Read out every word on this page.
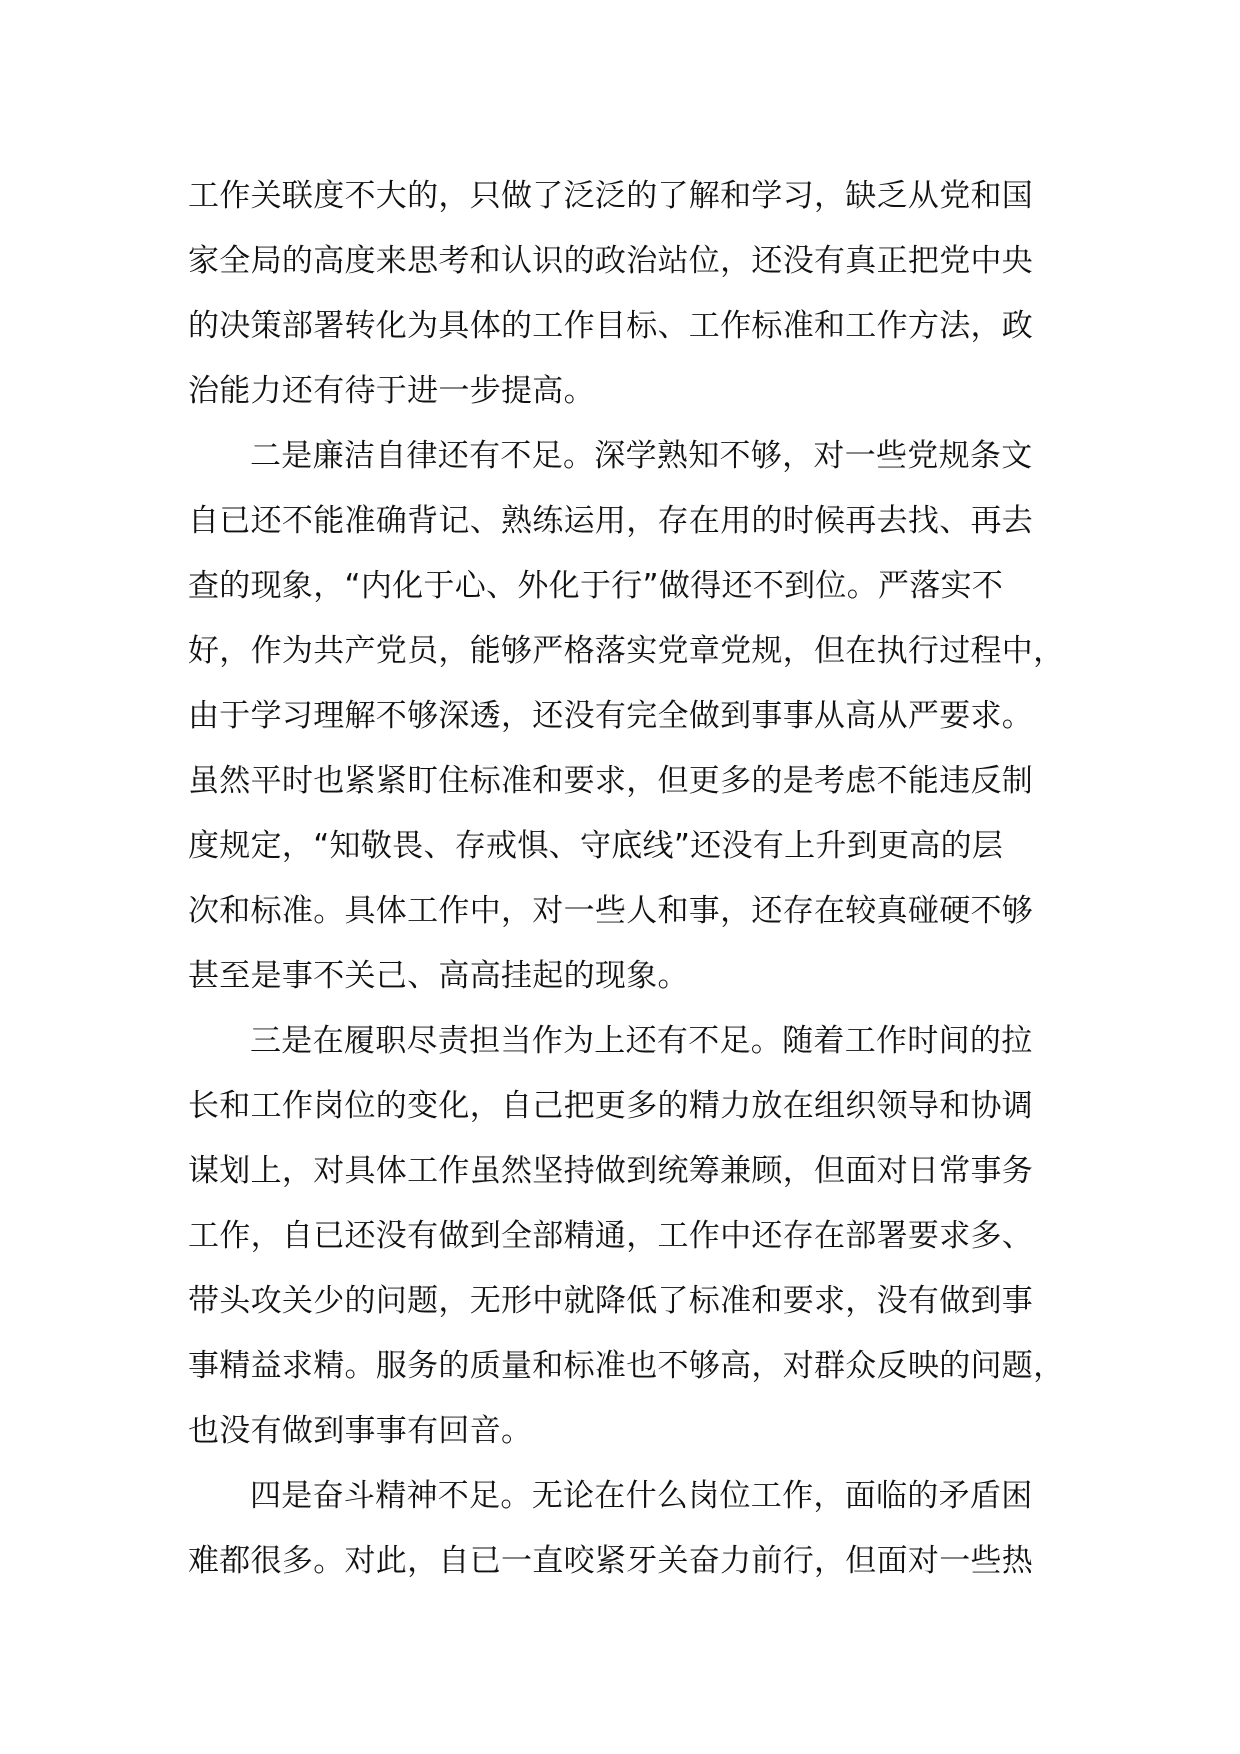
工作关联度不大的，只做了泛泛的了解和学习，缺乏从党和国
家全局的高度来思考和认识的政治站位，还没有真正把党中央
的决策部署转化为具体的工作目标、工作标准和工作方法，政
治能力还有待于进一步提高。
二是廉洁自律还有不足。深学熟知不够，对一些党规条文
自已还不能准确背记、熟练运用，存在用的时候再去找、再去
查的现象，“内化于心、外化于行”做得还不到位。严落实不
好，作为共产党员，能够严格落实党章党规，但在执行过程中，
由于学习理解不够深透，还没有完全做到事事从高从严要求。
虽然平时也紧紧盯住标准和要求，但更多的是考虑不能违反制
度规定，“知敬畏、存戒惧、守底线”还没有上升到更高的层
次和标准。具体工作中，对一些人和事，还存在较真碰硬不够
甚至是事不关己、高高挂起的现象。
三是在履职尽责担当作为上还有不足。随着工作时间的拉
长和工作岗位的变化，自己把更多的精力放在组织领导和协调
谋划上，对具体工作虽然坚持做到统筹兼顾，但面对日常事务
工作，自已还没有做到全部精通，工作中还存在部署要求多、
带头攻关少的问题，无形中就降低了标准和要求，没有做到事
事精益求精。服务的质量和标准也不够高，对群众反映的问题，
也没有做到事事有回音。
四是奋斗精神不足。无论在什么岗位工作，面临的矛盾困
难都很多。对此，自已一直咬紧牙关奋力前行，但面对一些热
